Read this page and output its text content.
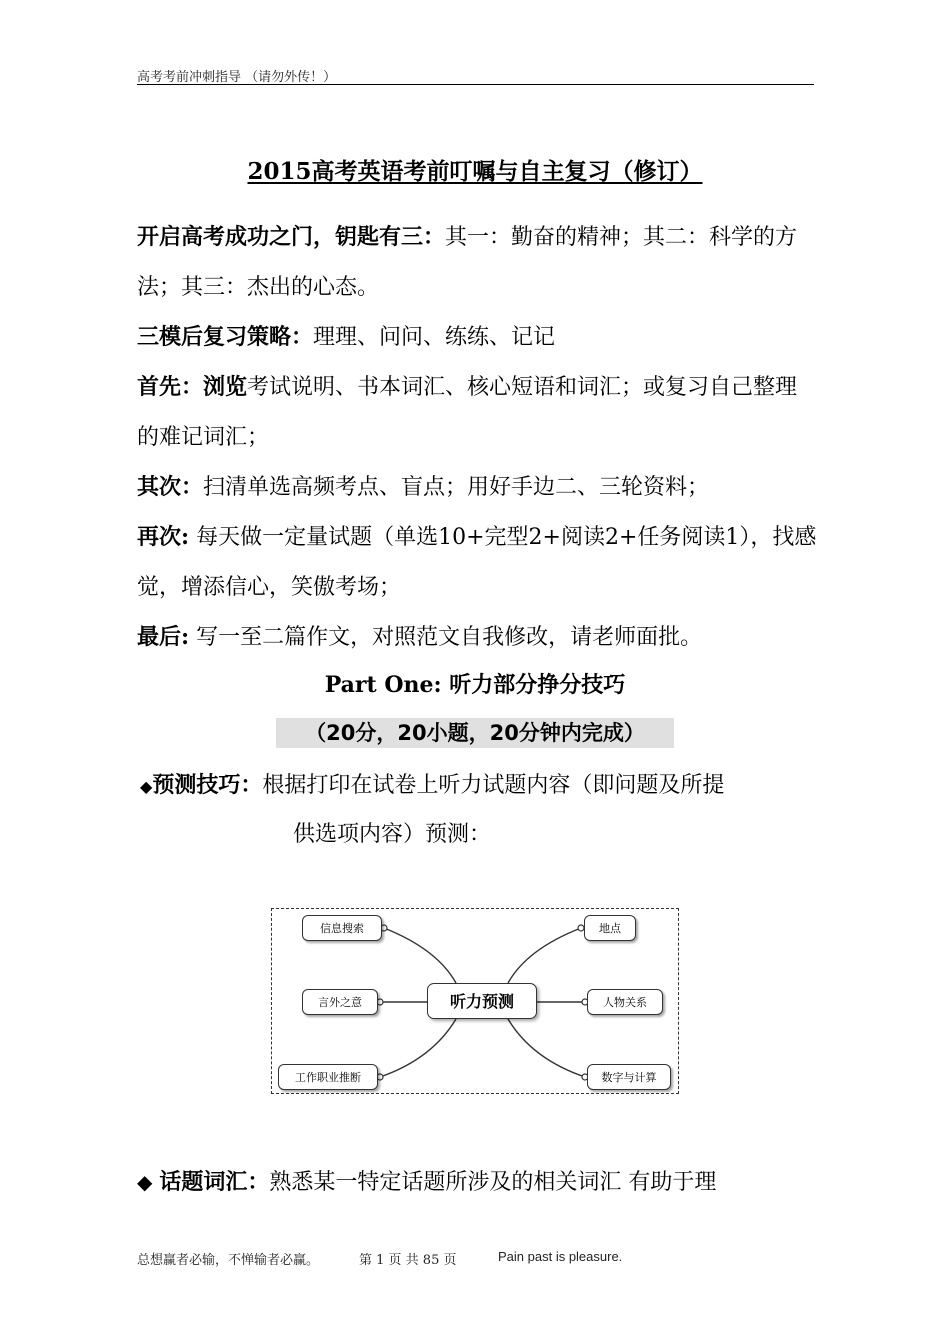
高考考前冲刺指导 （请勿外传！）
2015高考英语考前叮嘱与自主复习（修订）
开启高考成功之门，钥匙有三：其一：勤奋的精神；其二：科学的方法；其三：杰出的心态。
三模后复习策略：理理、问问、练练、记记
首先：浏览考试说明、书本词汇、核心短语和词汇；或复习自己整理的难记词汇；
其次：扫清单选高频考点、盲点；用好手边二、三轮资料；
再次: 每天做一定量试题（单选10+完型2+阅读2+任务阅读1），找感觉，增添信心，笑傲考场；
最后: 写一至二篇作文，对照范文自我修改，请老师面批。
Part One: 听力部分挣分技巧
（20分，20小题，20分钟内完成）
◆预测技巧：根据打印在试卷上听力试题内容（即问题及所提
供选项内容）预测：
信息搜索
言外之意
工作职业推断
听力预测
地点
人物关系
数字与计算
◆ 话题词汇：熟悉某一特定话题所涉及的相关词汇 有助于理
总想赢者必输，不惮输者必赢。	第 1 页 共 85 页	Pain past is pleasure.
